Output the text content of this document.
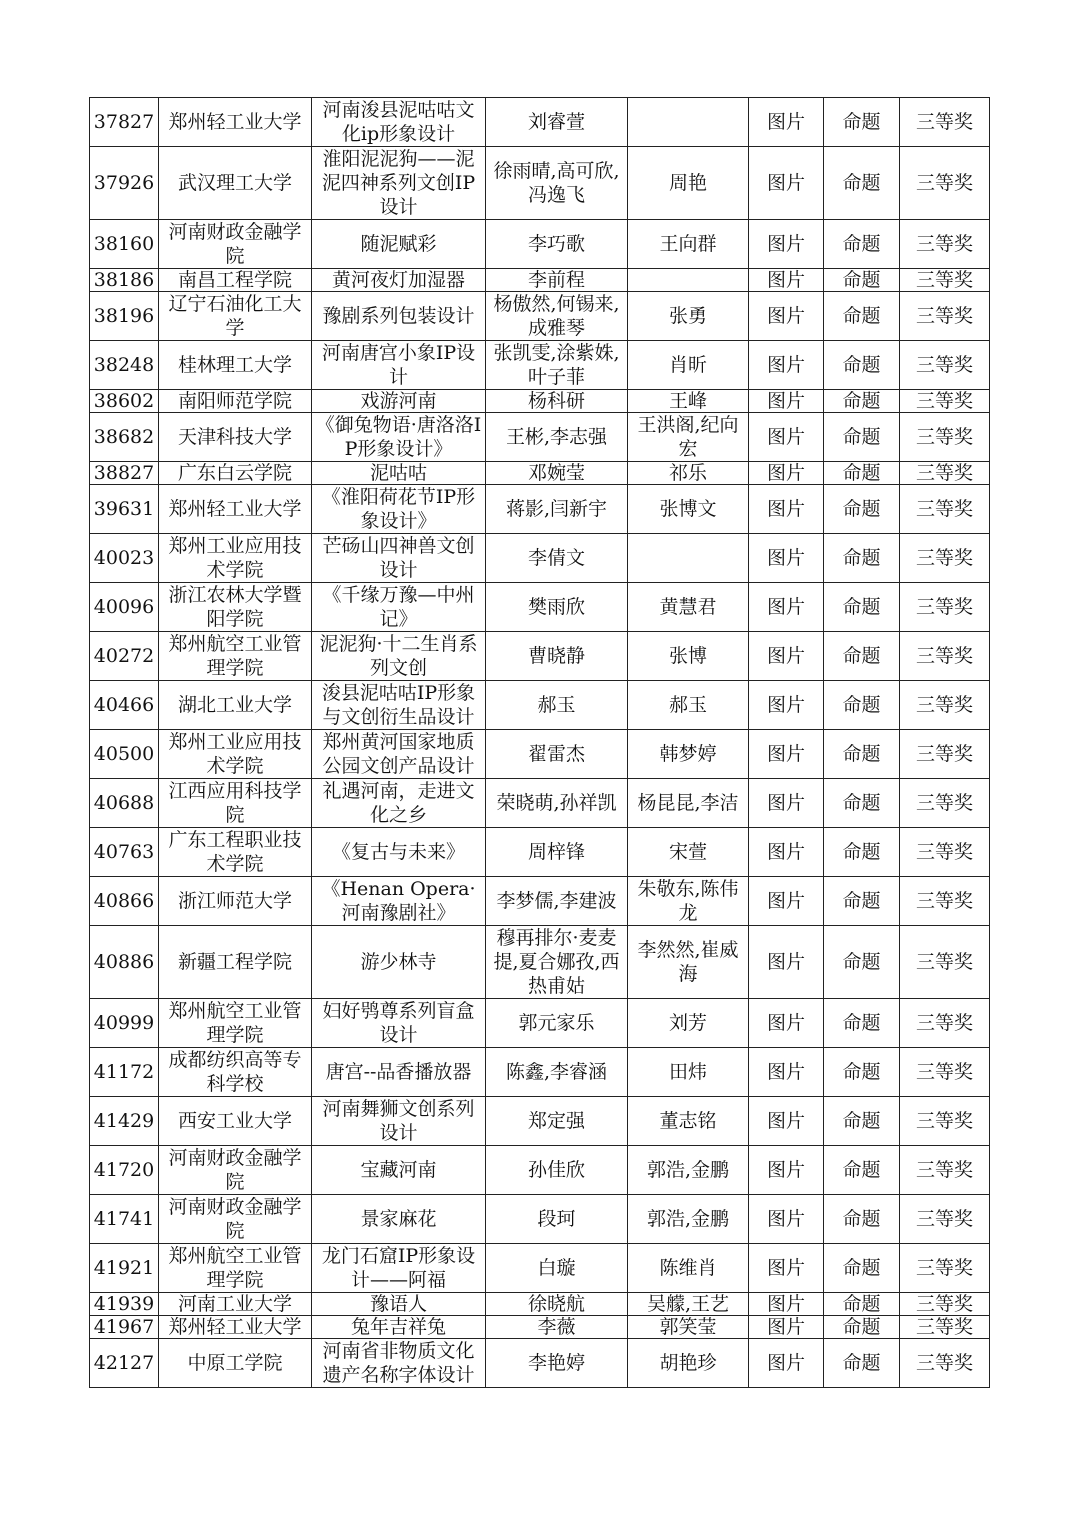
37827	郑州轻工业大学	河南浚县泥咕咕文化ip形象设计	刘睿萱		图片	命题	三等奖
37926	武汉理工大学	淮阳泥泥狗——泥泥四神系列文创IP设计	徐雨晴,高可欣,冯逸飞	周艳	图片	命题	三等奖
38160	河南财政金融学院	随泥赋彩	李巧歌	王向群	图片	命题	三等奖
38186	南昌工程学院	黄河夜灯加湿器	李前程		图片	命题	三等奖
38196	辽宁石油化工大学	豫剧系列包装设计	杨傲然,何锡来,成雅琴	张勇	图片	命题	三等奖
38248	桂林理工大学	河南唐宫小象IP设计	张凯雯,涂紫姝,叶子菲	肖昕	图片	命题	三等奖
38602	南阳师范学院	戏游河南	杨科研	王峰	图片	命题	三等奖
38682	天津科技大学	《御兔物语·唐洛洛IP形象设计》	王彬,李志强	王洪阁,纪向宏	图片	命题	三等奖
38827	广东白云学院	泥咕咕	邓婉莹	祁乐	图片	命题	三等奖
39631	郑州轻工业大学	《淮阳荷花节IP形象设计》	蒋影,闫新宇	张博文	图片	命题	三等奖
40023	郑州工业应用技术学院	芒砀山四神兽文创设计	李倩文		图片	命题	三等奖
40096	浙江农林大学暨阳学院	《千缘万豫—中州记》	樊雨欣	黄慧君	图片	命题	三等奖
40272	郑州航空工业管理学院	泥泥狗·十二生肖系列文创	曹晓静	张博	图片	命题	三等奖
40466	湖北工业大学	浚县泥咕咕IP形象与文创衍生品设计	郝玉	郝玉	图片	命题	三等奖
40500	郑州工业应用技术学院	郑州黄河国家地质公园文创产品设计	翟雷杰	韩梦婷	图片	命题	三等奖
40688	江西应用科技学院	礼遇河南，走进文化之乡	荣晓萌,孙祥凯	杨昆昆,李洁	图片	命题	三等奖
40763	广东工程职业技术学院	《复古与未来》	周梓锋	宋萱	图片	命题	三等奖
40866	浙江师范大学	《Henan Opera·河南豫剧社》	李梦儒,李建波	朱敬东,陈伟龙	图片	命题	三等奖
40886	新疆工程学院	游少林寺	穆再排尔·麦麦提,夏合娜孜,西热甫姑	李然然,崔威海	图片	命题	三等奖
40999	郑州航空工业管理学院	妇好鸮尊系列盲盒设计	郭元家乐	刘芳	图片	命题	三等奖
41172	成都纺织高等专科学校	唐宫--品香播放器	陈鑫,李睿涵	田炜	图片	命题	三等奖
41429	西安工业大学	河南舞狮文创系列设计	郑定强	董志铭	图片	命题	三等奖
41720	河南财政金融学院	宝藏河南	孙佳欣	郭浩,金鹏	图片	命题	三等奖
41741	河南财政金融学院	景家麻花	段珂	郭浩,金鹏	图片	命题	三等奖
41921	郑州航空工业管理学院	龙门石窟IP形象设计——阿福	白璇	陈维肖	图片	命题	三等奖
41939	河南工业大学	豫语人	徐晓航	吴艨,王艺	图片	命题	三等奖
41967	郑州轻工业大学	兔年吉祥兔	李薇	郭笑莹	图片	命题	三等奖
42127	中原工学院	河南省非物质文化遗产名称字体设计	李艳婷	胡艳珍	图片	命题	三等奖
